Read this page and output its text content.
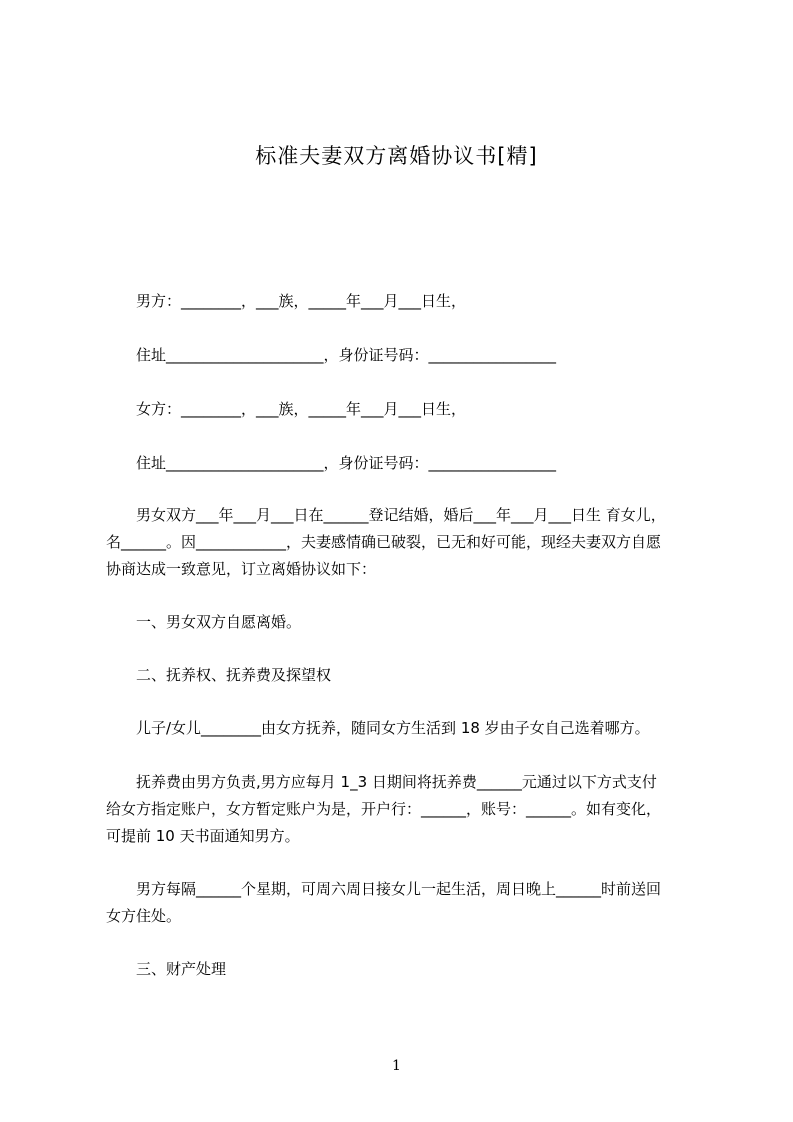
标准夫妻双方离婚协议书[精]
男方：________，___族，_____年___月___日生，
住址_____________________，身份证号码：_________________
女方：________，___族，_____年___月___日生，
住址_____________________，身份证号码：_________________
男女双方___年___月___日在______登记结婚，婚后___年___月___日生 育女儿，
名______。因____________，夫妻感情确已破裂，已无和好可能，现经夫妻双方自愿
协商达成一致意见，订立离婚协议如下：
一、男女双方自愿离婚。
二、抚养权、抚养费及探望权
儿子/女儿________由女方抚养，随同女方生活到 18 岁由子女自己选着哪方。
抚养费由男方负责,男方应每月 1_3 日期间将抚养费______元通过以下方式支付
给女方指定账户，女方暂定账户为是，开户行：______，账号：______。如有变化，
可提前 10 天书面通知男方。
男方每隔______个星期，可周六周日接女儿一起生活，周日晚上______时前送回
女方住处。
三、财产处理
1
